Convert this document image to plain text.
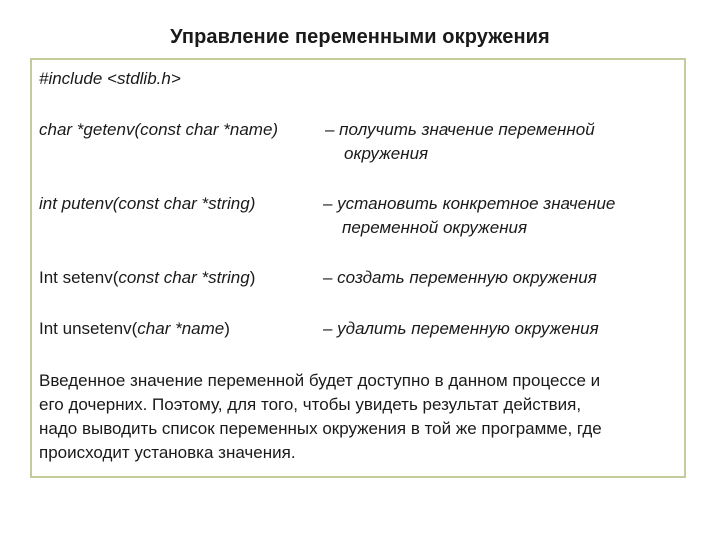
Управление переменными окружения
#include <stdlib.h>
char *getenv(const char *name)	– получить значение переменной
окружения
int putenv(const char *string)	– установить конкретное значение
переменной окружения
Int setenv(const char *string)	– создать переменную окружения
Int unsetenv(char *name)	– удалить переменную окружения
Введенное значение переменной будет доступно в данном процессе и
его дочерних. Поэтому, для того, чтобы увидеть результат действия,
надо выводить список переменных окружения в той же программе, где
происходит установка значения.
